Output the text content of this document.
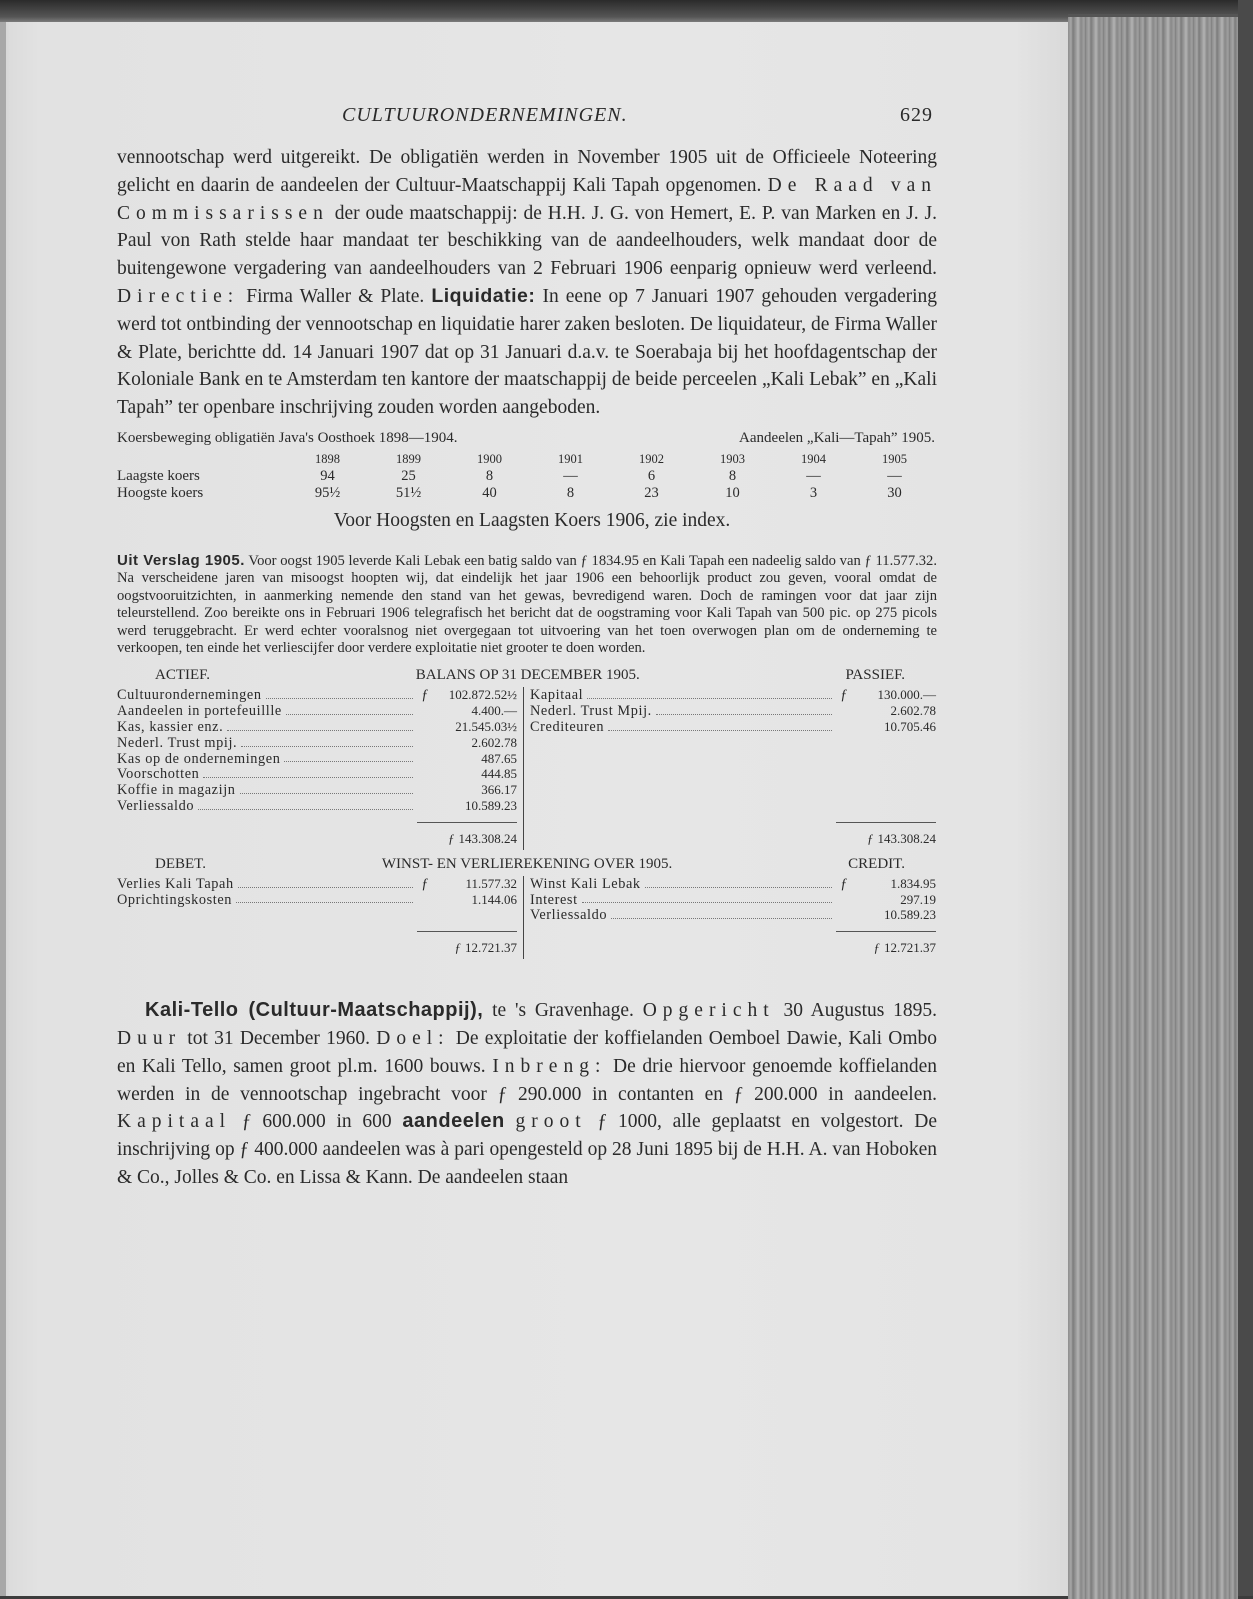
CULTUURONDERNEMINGEN.	629

vennootschap werd uitgereikt. De obligatiën werden in November 1905 uit de Officieele Noteering gelicht en daarin de aandeelen der Cultuur-Maatschappij Kali Tapah opgenomen. De Raad van Commissarissen der oude maatschappij: de H.H. J. G. von Hemert, E. P. van Marken en J. J. Paul von Rath stelde haar mandaat ter beschikking van de aandeelhouders, welk mandaat door de buitengewone vergadering van aandeelhouders van 2 Februari 1906 eenparig opnieuw werd verleend. Directie: Firma Waller & Plate. Liquidatie: In eene op 7 Januari 1907 gehouden vergadering werd tot ontbinding der vennootschap en liquidatie harer zaken besloten. De liquidateur, de Firma Waller & Plate, berichtte dd. 14 Januari 1907 dat op 31 Januari d.a.v. te Soerabaja bij het hoofdagentschap der Koloniale Bank en te Amsterdam ten kantore der maatschappij de beide perceelen „Kali Lebak” en „Kali Tapah” ter openbare inschrijving zouden worden aangeboden.

Koersbeweging obligatiën Java's Oosthoek 1898—1904.	Aandeelen „Kali—Tapah” 1905.
	1898	1899	1900	1901	1902	1903	1904	1905
Laagste koers	94	25	8	—	6	8	—	—
Hoogste koers	95½	51½	40	8	23	10	3	30

Voor Hoogsten en Laagsten Koers 1906, zie index.

Uit Verslag 1905. Voor oogst 1905 leverde Kali Lebak een batig saldo van ƒ 1834.95 en Kali Tapah een nadeelig saldo van ƒ 11.577.32. Na verscheidene jaren van misoogst hoopten wij, dat eindelijk het jaar 1906 een behoorlijk product zou geven, vooral omdat de oogstvooruitzichten, in aanmerking nemende den stand van het gewas, bevredigend waren. Doch de ramingen voor dat jaar zijn teleurstellend. Zoo bereikte ons in Februari 1906 telegrafisch het bericht dat de oogstraming voor Kali Tapah van 500 pic. op 275 picols werd teruggebracht. Er werd echter vooralsnog niet overgegaan tot uitvoering van het toen overwogen plan om de onderneming te verkoopen, ten einde het verliescijfer door verdere exploitatie niet grooter te doen worden.

ACTIEF.	BALANS OP 31 DECEMBER 1905.	PASSIEF.
Cultuurondernemingen	ƒ	102.872.52½
Aandeelen in portefeuillle	4.400.—
Kas, kassier enz.	21.545.03½
Nederl. Trust mpij.	2.602.78
Kas op de ondernemingen	487.65
Voorschotten	444.85
Koffie in magazijn	366.17
Verliessaldo	10.589.23
ƒ 143.308.24
Kapitaal	ƒ	130.000.—
Nederl. Trust Mpij.	2.602.78
Crediteuren	10.705.46
ƒ 143.308.24
DEBET.	WINST- EN VERLIEREKENING OVER 1905.	CREDIT.
Verlies Kali Tapah	ƒ	11.577.32
Oprichtingskosten	1.144.06
ƒ 12.721.37
Winst Kali Lebak	ƒ	1.834.95
Interest	297.19
Verliessaldo	10.589.23
ƒ 12.721.37

Kali-Tello (Cultuur-Maatschappij), te 's Gravenhage. Opgericht 30 Augustus 1895. Duur tot 31 December 1960. Doel: De exploitatie der koffielanden Oemboel Dawie, Kali Ombo en Kali Tello, samen groot pl.m. 1600 bouws. Inbreng: De drie hiervoor genoemde koffielanden werden in de vennootschap ingebracht voor ƒ 290.000 in contanten en ƒ 200.000 in aandeelen. Kapitaal ƒ 600.000 in 600 aandeelen groot ƒ 1000, alle geplaatst en volgestort. De inschrijving op ƒ 400.000 aandeelen was à pari opengesteld op 28 Juni 1895 bij de H.H. A. van Hoboken & Co., Jolles & Co. en Lissa & Kann. De aandeelen staan
